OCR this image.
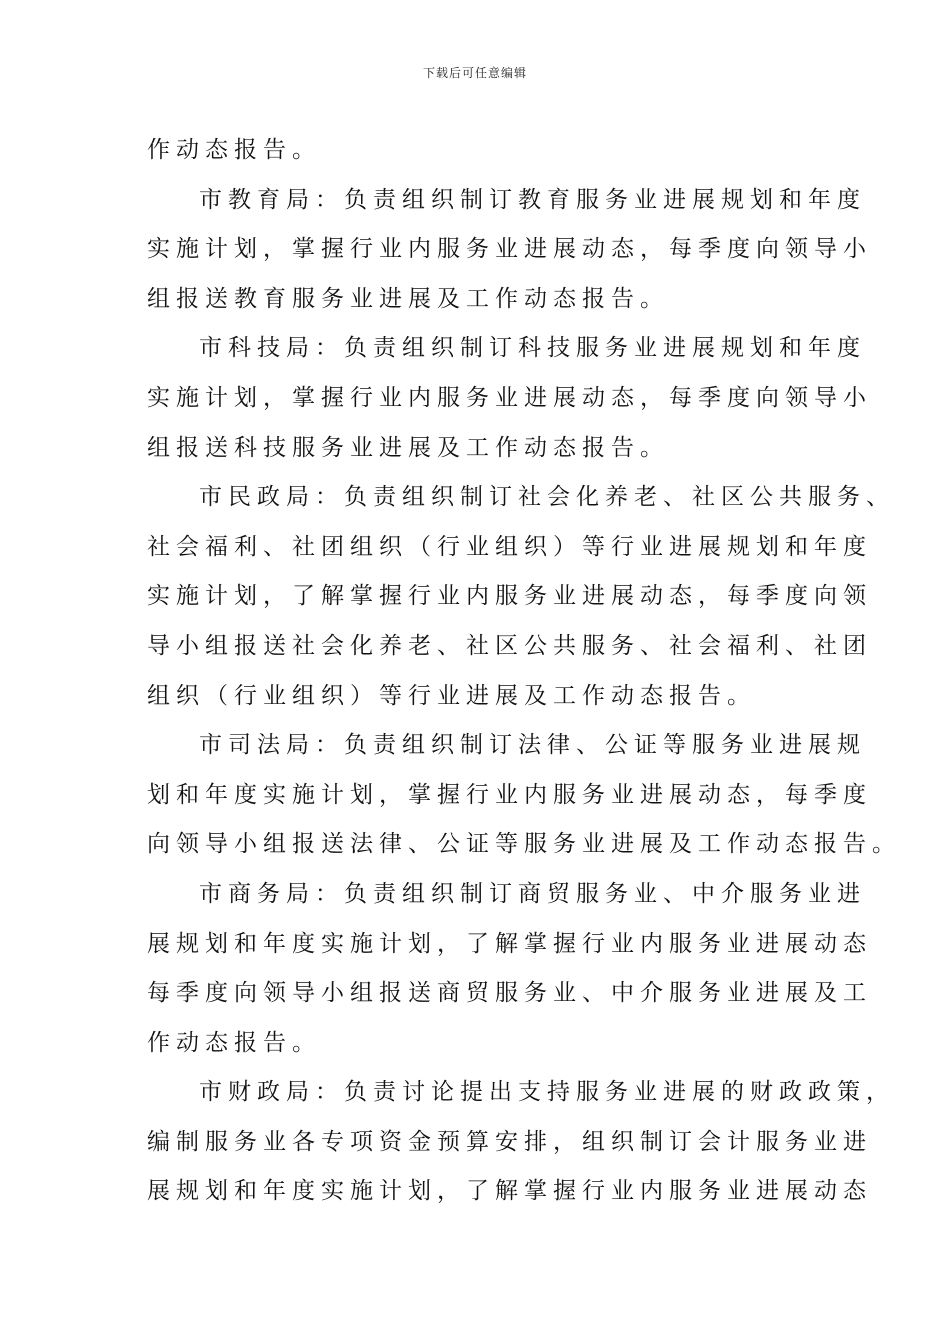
下载后可任意编辑
作动态报告。
市教育局：负责组织制订教育服务业进展规划和年度
实施计划，掌握行业内服务业进展动态，每季度向领导小
组报送教育服务业进展及工作动态报告。
市科技局：负责组织制订科技服务业进展规划和年度
实施计划，掌握行业内服务业进展动态，每季度向领导小
组报送科技服务业进展及工作动态报告。
市民政局：负责组织制订社会化养老、社区公共服务、
社会福利、社团组织（行业组织）等行业进展规划和年度
实施计划，了解掌握行业内服务业进展动态，每季度向领
导小组报送社会化养老、社区公共服务、社会福利、社团
组织（行业组织）等行业进展及工作动态报告。
市司法局：负责组织制订法律、公证等服务业进展规
划和年度实施计划，掌握行业内服务业进展动态，每季度
向领导小组报送法律、公证等服务业进展及工作动态报告。
市商务局：负责组织制订商贸服务业、中介服务业进
展规划和年度实施计划，了解掌握行业内服务业进展动态
每季度向领导小组报送商贸服务业、中介服务业进展及工
作动态报告。
市财政局：负责讨论提出支持服务业进展的财政政策，
编制服务业各专项资金预算安排，组织制订会计服务业进
展规划和年度实施计划，了解掌握行业内服务业进展动态
